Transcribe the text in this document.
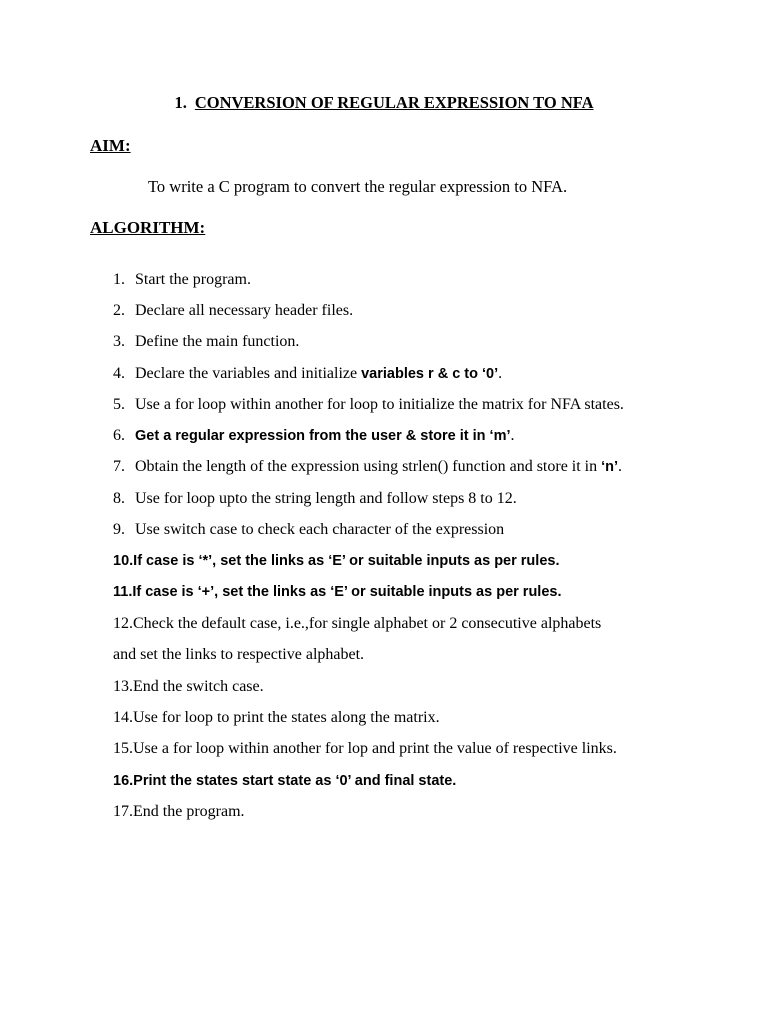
1. CONVERSION OF REGULAR EXPRESSION TO NFA
AIM:
To write a C program to convert the regular expression to NFA.
ALGORITHM:
1. Start the program.
2. Declare all necessary header files.
3. Define the main function.
4. Declare the variables and initialize variables r & c to ‘0’.
5. Use a for loop within another for loop to initialize the matrix for NFA states.
6. Get a regular expression from the user & store it in ‘m’.
7. Obtain the length of the expression using strlen() function and store it in ‘n’.
8. Use for loop upto the string length and follow steps 8 to 12.
9. Use switch case to check each character of the expression
10.If case is ‘*’, set the links as ‘E’ or suitable inputs as per rules.
11.If case is ‘+’, set the links as ‘E’ or suitable inputs as per rules.
12.Check the default case, i.e.,for single alphabet or 2 consecutive alphabets
and set the links to respective alphabet.
13.End the switch case.
14.Use for loop to print the states along the matrix.
15.Use a for loop within another for lop and print the value of respective links.
16.Print the states start state as ‘0’ and final state.
17.End the program.
